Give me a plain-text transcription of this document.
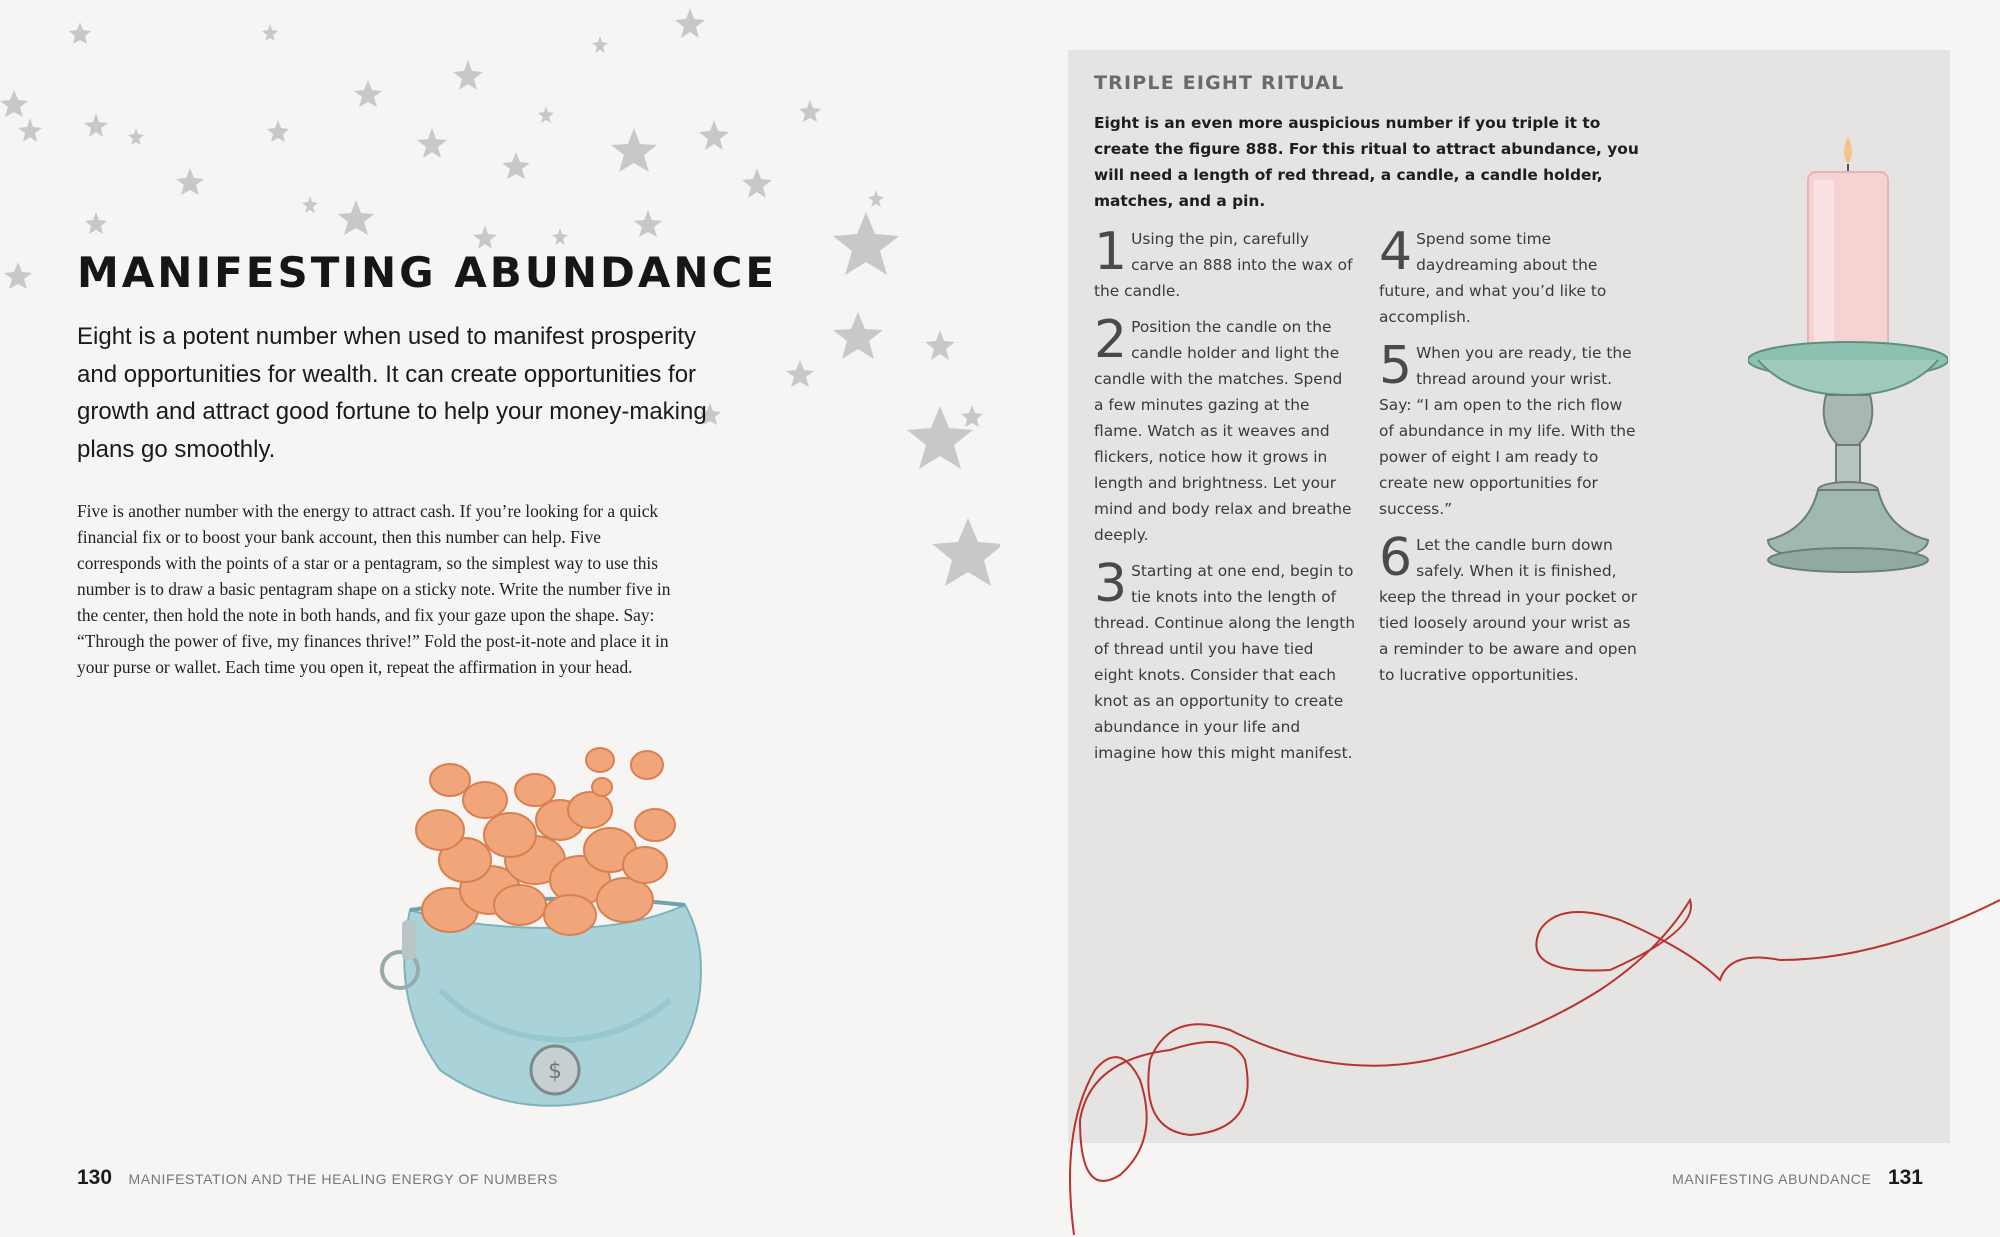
MANIFESTING ABUNDANCE

Eight is a potent number when used to manifest prosperity and opportunities for wealth. It can create opportunities for growth and attract good fortune to help your money-making plans go smoothly.

Five is another number with the energy to attract cash. If you’re looking for a quick financial fix or to boost your bank account, then this number can help. Five corresponds with the points of a star or a pentagram, so the simplest way to use this number is to draw a basic pentagram shape on a sticky note. Write the number five in the center, then hold the note in both hands, and fix your gaze upon the shape. Say: “Through the power of five, my finances thrive!” Fold the post-it-note and place it in your purse or wallet. Each time you open it, repeat the affirmation in your head.

$
130 MANIFESTATION AND THE HEALING ENERGY OF NUMBERS
TRIPLE EIGHT RITUAL

Eight is an even more auspicious number if you triple it to create the figure 888. For this ritual to attract abundance, you will need a length of red thread, a candle, a candle holder, matches, and a pin.

1 Using the pin, carefully carve an 888 into the wax of the candle.

2 Position the candle on the candle holder and light the candle with the matches. Spend a few minutes gazing at the flame. Watch as it weaves and flickers, notice how it grows in length and brightness. Let your mind and body relax and breathe deeply.

3 Starting at one end, begin to tie knots into the length of thread. Continue along the length of thread until you have tied eight knots. Consider that each knot as an opportunity to create abundance in your life and imagine how this might manifest.

4 Spend some time daydreaming about the future, and what you’d like to accomplish.

5 When you are ready, tie the thread around your wrist. Say: “I am open to the rich flow of abundance in my life. With the power of eight I am ready to create new opportunities for success.”

6 Let the candle burn down safely. When it is finished, keep the thread in your pocket or tied loosely around your wrist as a reminder to be aware and open to lucrative opportunities.

MANIFESTING ABUNDANCE 131
